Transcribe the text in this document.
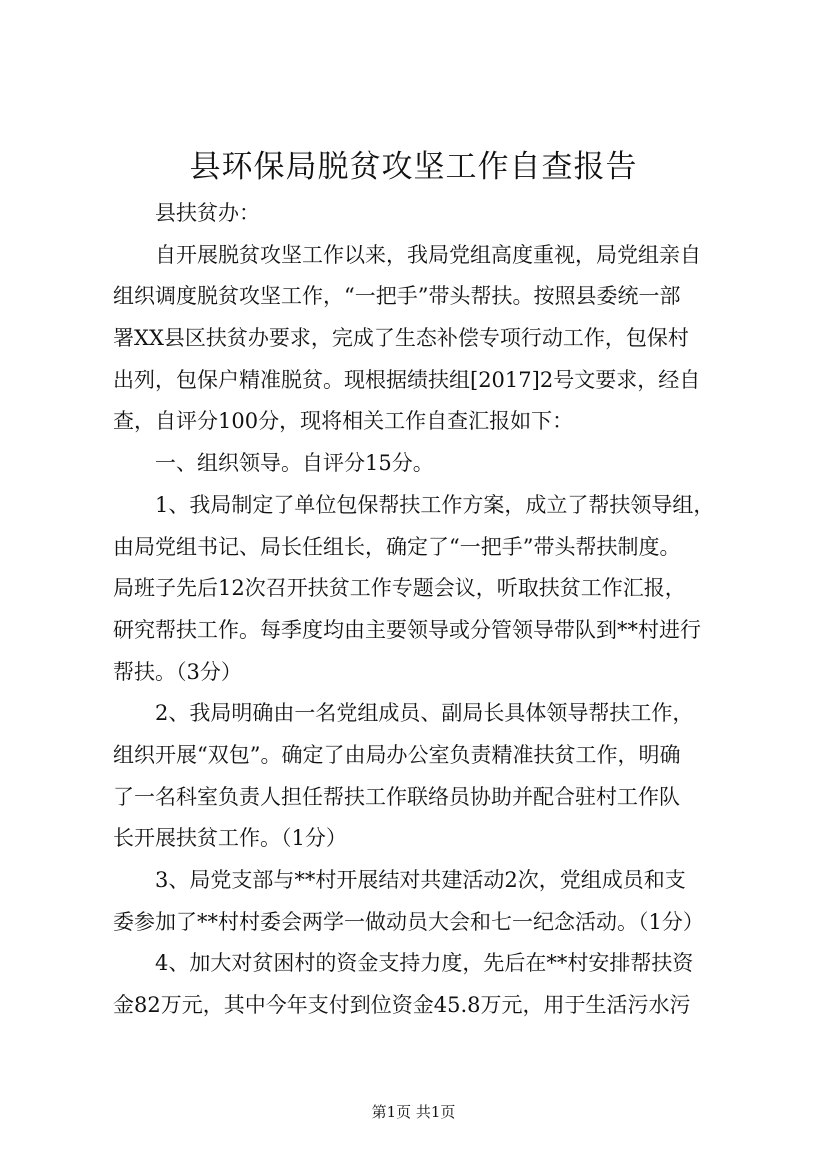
县环保局脱贫攻坚工作自查报告
县扶贫办：
自开展脱贫攻坚工作以来，我局党组高度重视，局党组亲自
组织调度脱贫攻坚工作，“一把手”带头帮扶。按照县委统一部
署XX县区扶贫办要求，完成了生态补偿专项行动工作，包保村
出列，包保户精准脱贫。现根据绩扶组[2017]2号文要求，经自
查，自评分100分，现将相关工作自查汇报如下：
一、组织领导。自评分15分。
1、我局制定了单位包保帮扶工作方案，成立了帮扶领导组，
由局党组书记、局长任组长，确定了“一把手”带头帮扶制度。
局班子先后12次召开扶贫工作专题会议，听取扶贫工作汇报，
研究帮扶工作。每季度均由主要领导或分管领导带队到**村进行
帮扶。（3分）
2、我局明确由一名党组成员、副局长具体领导帮扶工作，
组织开展“双包”。确定了由局办公室负责精准扶贫工作，明确
了一名科室负责人担任帮扶工作联络员协助并配合驻村工作队
长开展扶贫工作。（1分）
3、局党支部与**村开展结对共建活动2次，党组成员和支
委参加了**村村委会两学一做动员大会和七一纪念活动。（1分）
4、加大对贫困村的资金支持力度，先后在**村安排帮扶资
金82万元，其中今年支付到位资金45.8万元，用于生活污水污
第1页 共1页
